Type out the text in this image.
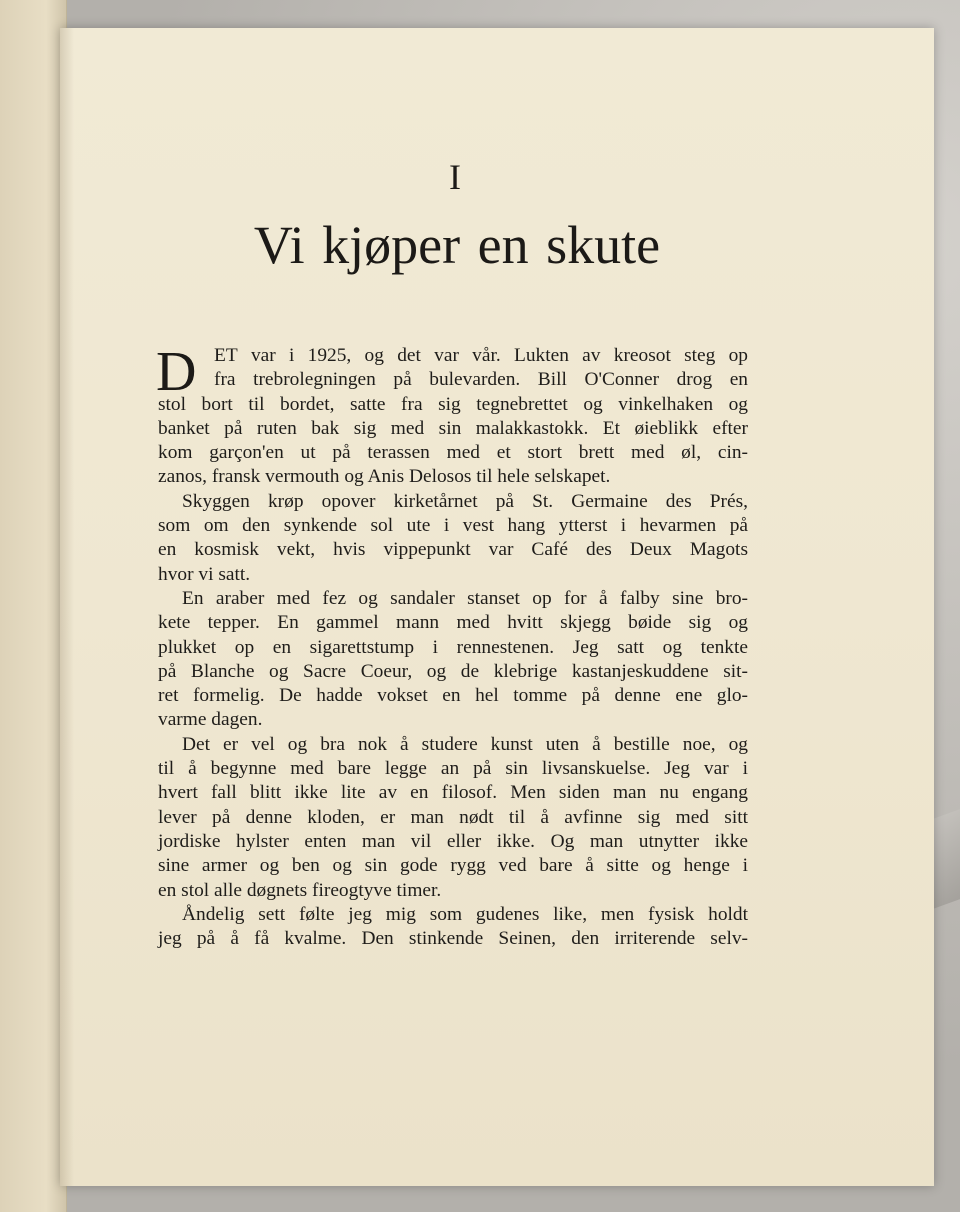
I
Vi kjøper en skute
D ET var i 1925, og det var vår. Lukten av kreosot steg op
fra trebrolegningen på bulevarden. Bill O'Conner drog en
stol bort til bordet, satte fra sig tegnebrettet og vinkelhaken og
banket på ruten bak sig med sin malakkastokk. Et øieblikk efter
kom garçon'en ut på terassen med et stort brett med øl, cin-
zanos, fransk vermouth og Anis Delosos til hele selskapet.
Skyggen krøp opover kirketårnet på St. Germaine des Prés,
som om den synkende sol ute i vest hang ytterst i hevarmen på
en kosmisk vekt, hvis vippepunkt var Café des Deux Magots
hvor vi satt.
En araber med fez og sandaler stanset op for å falby sine bro-
kete tepper. En gammel mann med hvitt skjegg bøide sig og
plukket op en sigarettstump i rennestenen. Jeg satt og tenkte
på Blanche og Sacre Coeur, og de klebrige kastanjeskuddene sit-
ret formelig. De hadde vokset en hel tomme på denne ene glo-
varme dagen.
Det er vel og bra nok å studere kunst uten å bestille noe, og
til å begynne med bare legge an på sin livsanskuelse. Jeg var i
hvert fall blitt ikke lite av en filosof. Men siden man nu engang
lever på denne kloden, er man nødt til å avfinne sig med sitt
jordiske hylster enten man vil eller ikke. Og man utnytter ikke
sine armer og ben og sin gode rygg ved bare å sitte og henge i
en stol alle døgnets fireogtyve timer.
Åndelig sett følte jeg mig som gudenes like, men fysisk holdt
jeg på å få kvalme. Den stinkende Seinen, den irriterende selv-
